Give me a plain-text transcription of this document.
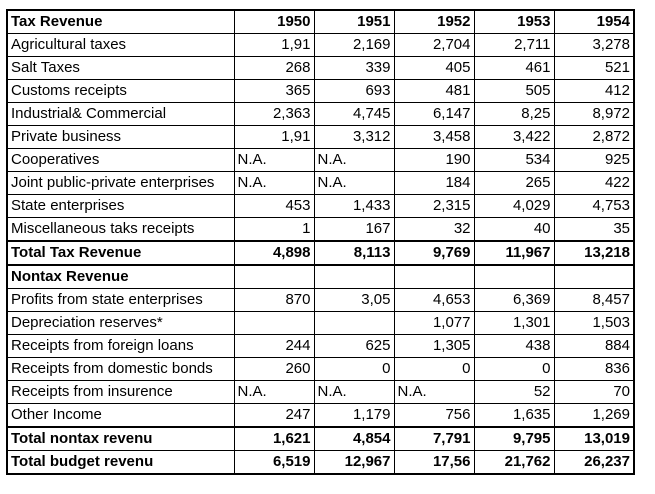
Tax Revenue	1950	1951	1952	1953	1954
Agricultural taxes	1,91	2,169	2,704	2,711	3,278
Salt Taxes	268	339	405	461	521
Customs receipts	365	693	481	505	412
Industrial& Commercial	2,363	4,745	6,147	8,25	8,972
Private business	1,91	3,312	3,458	3,422	2,872
Cooperatives	N.A.	N.A.	190	534	925
Joint public-private enterprises	N.A.	N.A.	184	265	422
State enterprises	453	1,433	2,315	4,029	4,753
Miscellaneous taks receipts	1	167	32	40	35
Total Tax Revenue	4,898	8,113	9,769	11,967	13,218
Nontax Revenue					
Profits from state enterprises	870	3,05	4,653	6,369	8,457
Depreciation reserves*			1,077	1,301	1,503
Receipts from foreign loans	244	625	1,305	438	884
Receipts from domestic bonds	260	0	0	0	836
Receipts from insurence	N.A.	N.A.	N.A.	52	70
Other Income	247	1,179	756	1,635	1,269
Total nontax revenu	1,621	4,854	7,791	9,795	13,019
Total budget revenu	6,519	12,967	17,56	21,762	26,237
